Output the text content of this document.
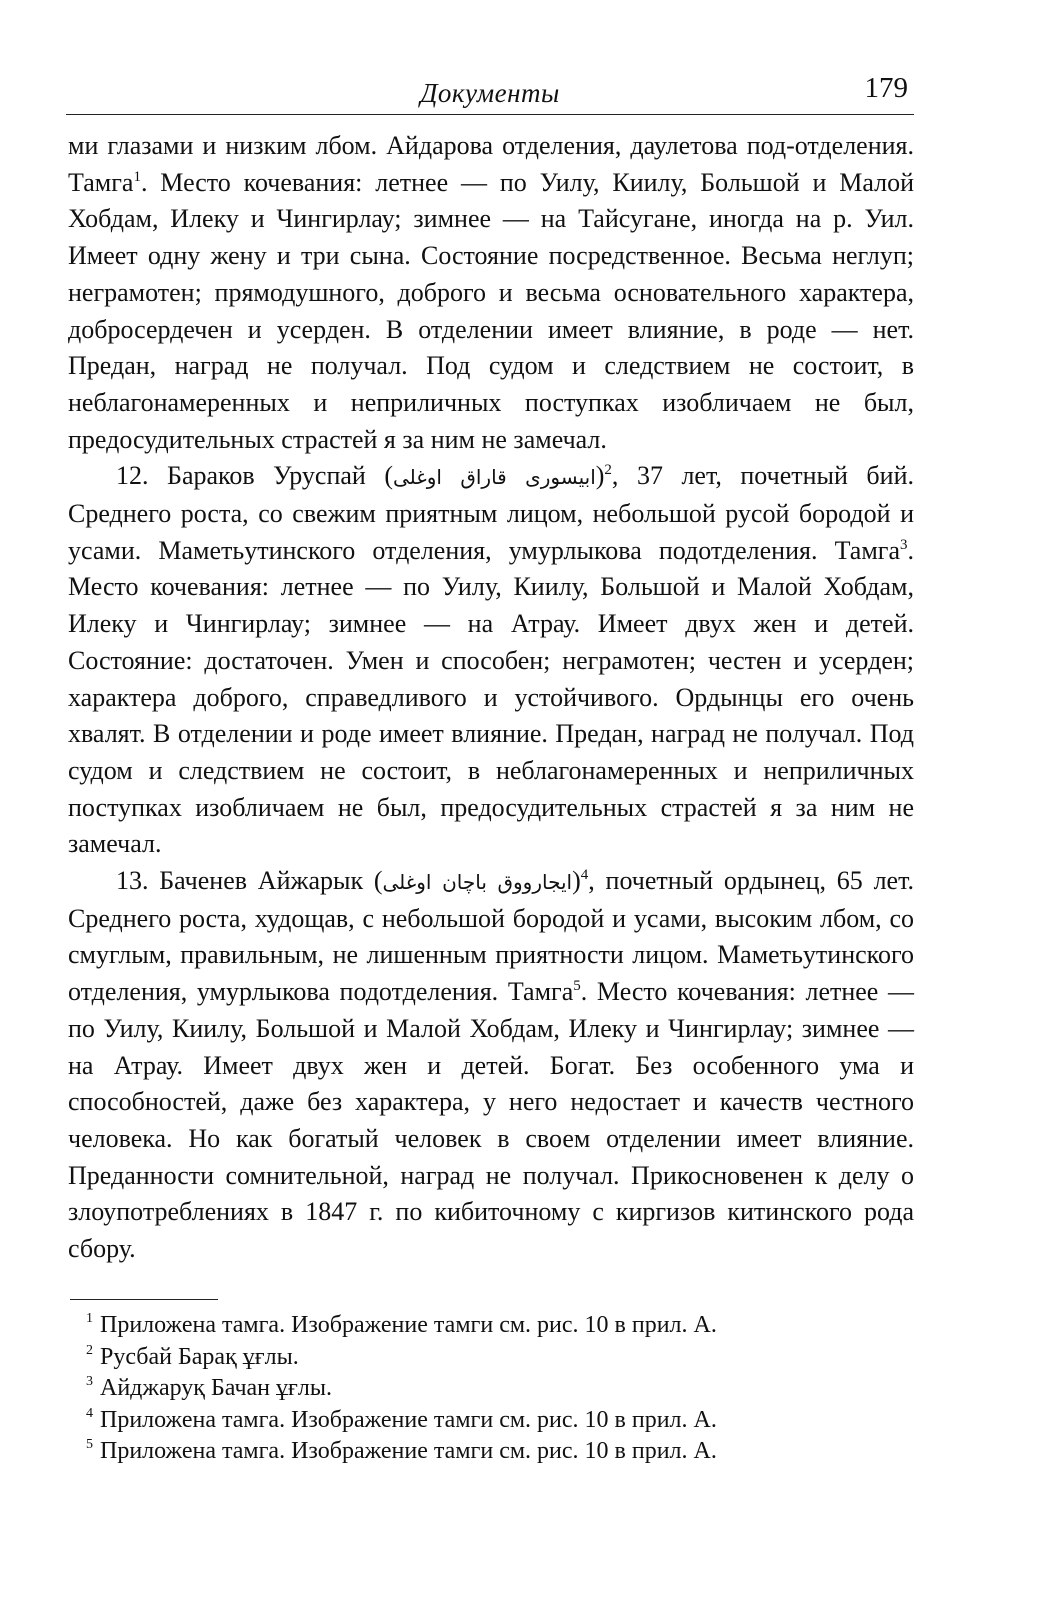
Документы	179

ми глазами и низким лбом. Айдарова отделения, даулетова под-отделения. Тамга$^1$. Место кочевания: летнее — по Уилу, Киилу, Большой и Малой Хобдам, Илеку и Чингирлау; зимнее — на Тайсугане, иногда на р. Уил. Имеет одну жену и три сына. Состояние посредственное. Весьма неглуп; неграмотен; прямодушного, доброго и весьма основательного характера, добросердечен и усерден. В отделении имеет влияние, в роде — нет. Предан, наград не получал. Под судом и следствием не состоит, в неблагонамеренных и неприличных поступках изобличаем не был, предосудительных страстей я за ним не замечал.

12. Бараков Уруспай (ابيسوری قاراق اوغلی)$^2$, 37 лет, почетный бий. Среднего роста, со свежим приятным лицом, небольшой русой бородой и усами. Маметьутинского отделения, умурлыкова подотделения. Тамга$^3$. Место кочевания: летнее — по Уилу, Киилу, Большой и Малой Хобдам, Илеку и Чингирлау; зимнее — на Атрау. Имеет двух жен и детей. Состояние: достаточен. Умен и способен; неграмотен; честен и усерден; характера доброго, справедливого и устойчивого. Ордынцы его очень хвалят. В отделении и роде имеет влияние. Предан, наград не получал. Под судом и следствием не состоит, в неблагонамеренных и неприличных поступках изобличаем не был, предосудительных страстей я за ним не замечал.

13. Баченев Айжарык (ایجارووق باچان اوغلی)$^4$, почетный ордынец, 65 лет. Среднего роста, худощав, с небольшой бородой и усами, высоким лбом, со смуглым, правильным, не лишенным приятности лицом. Маметьутинского отделения, умурлыкова подотделения. Тамга$^5$. Место кочевания: летнее — по Уилу, Киилу, Большой и Малой Хобдам, Илеку и Чингирлау; зимнее — на Атрау. Имеет двух жен и детей. Богат. Без особенного ума и способностей, даже без характера, у него недостает и качеств честного человека. Но как богатый человек в своем отделении имеет влияние. Преданности сомнительной, наград не получал. Прикосновенен к делу о злоупотреблениях в 1847 г. по кибиточному с киргизов китинского рода сбору.

1 Приложена тамга. Изображение тамги см. рис. 10 в прил. А.
2 Русбай Барақ ұғлы.
3 Айджаруқ Бачан ұғлы.
4 Приложена тамга. Изображение тамги см. рис. 10 в прил. А.
5 Приложена тамга. Изображение тамги см. рис. 10 в прил. А.
